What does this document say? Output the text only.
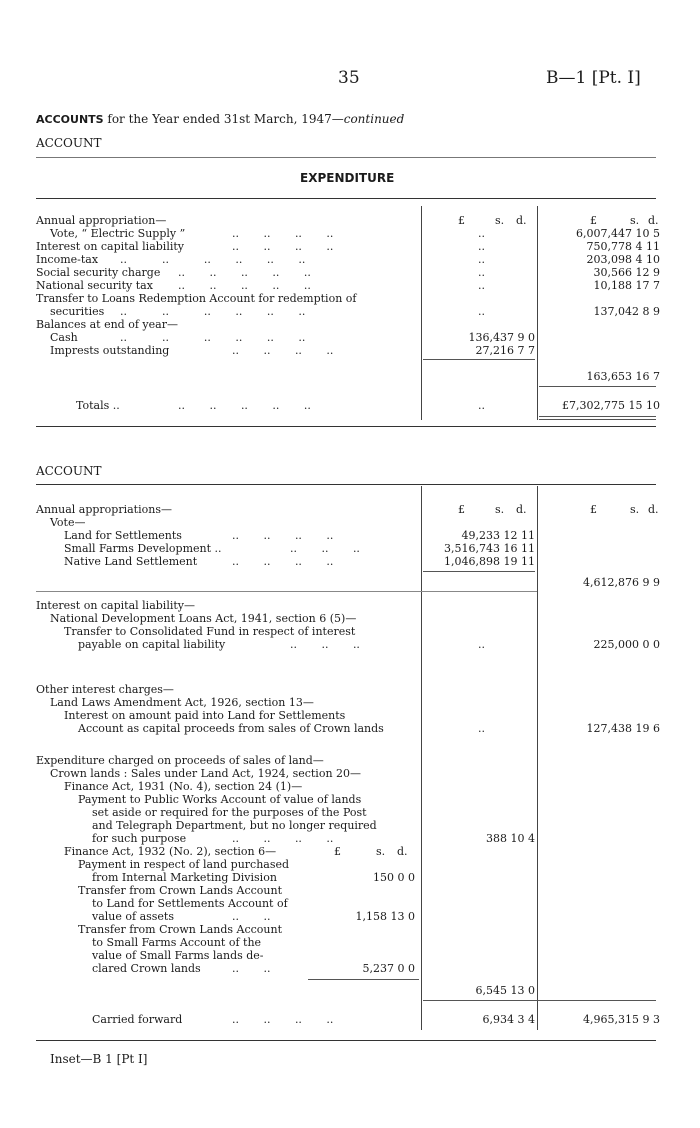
35	B—1 [Pt. I]
ACCOUNTS for the Year ended 31st March, 1947—continued
ACCOUNT
EXPENDITURE
£	s. d.	£	s. d.
Annual appropriation—
Vote, “ Electric Supply ”	..       ..       ..       ..	..	6,007,447 10 5
Interest on capital liability	..       ..       ..       ..	..	750,778 4 11
Income-tax ..          ..          ..       ..       ..       ..	..	203,098 4 10
Social security charge ..       ..       ..       ..       ..	..	30,566 12 9
National security tax ..       ..       ..       ..       ..	..	10,188 17 7
Transfer to Loans Redemption Account for redemption of
securities ..          ..          ..       ..       ..       ..	..	137,042 8 9
Balances at end of year—
Cash	..          ..          ..       ..       ..       ..	136,437 9 0
Imprests outstanding	..       ..       ..       ..	27,216 7 7
163,653 16 7
Totals ..	..       ..       ..       ..       ..	..	£7,302,775 15 10
ACCOUNT
£	s. d.	£	s. d.
Annual appropriations—
Vote—
Land for Settlements	..       ..       ..       ..	49,233 12 11
Small Farms Development ..	..       ..       ..	3,516,743 16 11
Native Land Settlement	..       ..       ..       ..	1,046,898 19 11
4,612,876 9 9
Interest on capital liability—
National Development Loans Act, 1941, section 6 (5)—
Transfer to Consolidated Fund in respect of interest
payable on capital liability	..       ..       ..	..	225,000 0 0
Other interest charges—
Land Laws Amendment Act, 1926, section 13—
Interest on amount paid into Land for Settlements
Account as capital proceeds from sales of Crown lands	..	127,438 19 6
Expenditure charged on proceeds of sales of land—
Crown lands : Sales under Land Act, 1924, section 20—
Finance Act, 1931 (No. 4), section 24 (1)—
Payment to Public Works Account of value of lands
set aside or required for the purposes of the Post
and Telegraph Department, but no longer required
for such purpose	..       ..       ..       ..	388 10 4
Finance Act, 1932 (No. 2), section 6—	£	s. d.
Payment in respect of land purchased
from Internal Marketing Division	150 0 0
Transfer from Crown Lands Account
to Land for Settlements Account of
value of assets	..       ..	1,158 13 0
Transfer from Crown Lands Account
to Small Farms Account of the
value of Small Farms lands de-
clared Crown lands	..       ..	5,237 0 0
6,545 13 0
Carried forward	..       ..       ..       ..	6,934 3 4	4,965,315 9 3
Inset—B 1 [Pt I]
